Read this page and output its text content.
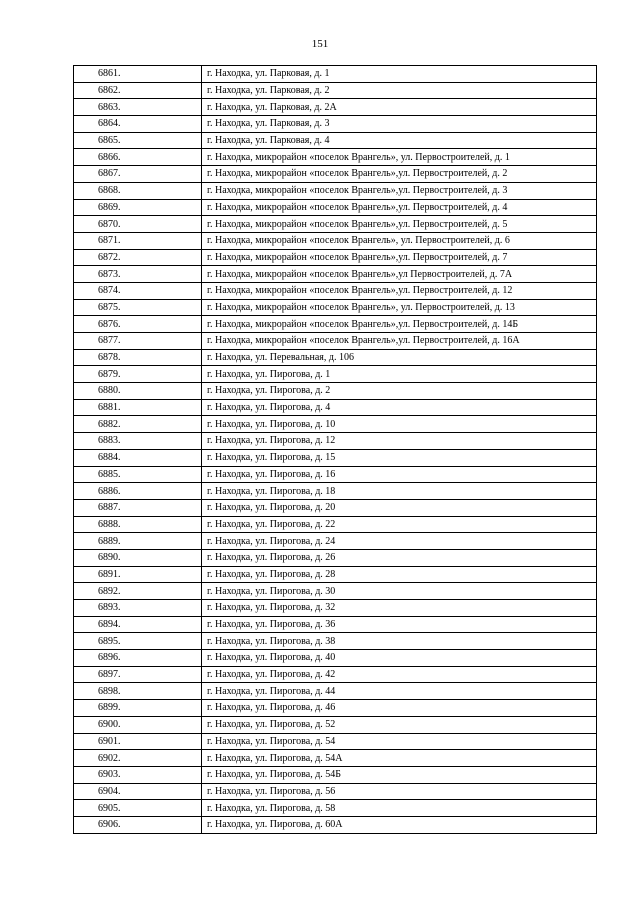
151
6861.	г. Находка, ул. Парковая, д. 1
6862.	г. Находка, ул. Парковая, д. 2
6863.	г. Находка, ул. Парковая, д. 2А
6864.	г. Находка, ул. Парковая, д. 3
6865.	г. Находка, ул. Парковая, д. 4
6866.	г. Находка, микрорайон «поселок Врангель», ул. Первостроителей, д. 1
6867.	г. Находка, микрорайон «поселок Врангель»,ул. Первостроителей, д. 2
6868.	г. Находка, микрорайон «поселок Врангель»,ул. Первостроителей, д. 3
6869.	г. Находка, микрорайон «поселок Врангель»,ул. Первостроителей, д. 4
6870.	г. Находка, микрорайон «поселок Врангель»,ул. Первостроителей, д. 5
6871.	г. Находка, микрорайон «поселок Врангель», ул. Первостроителей, д. 6
6872.	г. Находка, микрорайон «поселок Врангель»,ул. Первостроителей, д. 7
6873.	г. Находка, микрорайон «поселок Врангель»,ул Первостроителей, д. 7А
6874.	г. Находка, микрорайон «поселок Врангель»,ул. Первостроителей, д. 12
6875.	г. Находка, микрорайон «поселок Врангель», ул. Первостроителей, д. 13
6876.	г. Находка, микрорайон «поселок Врангель»,ул. Первостроителей, д. 14Б
6877.	г. Находка, микрорайон «поселок Врангель»,ул. Первостроителей, д. 16А
6878.	г. Находка, ул. Перевальная, д. 106
6879.	г. Находка, ул. Пирогова, д. 1
6880.	г. Находка, ул. Пирогова, д. 2
6881.	г. Находка, ул. Пирогова, д. 4
6882.	г. Находка, ул. Пирогова, д. 10
6883.	г. Находка, ул. Пирогова, д. 12
6884.	г. Находка, ул. Пирогова, д. 15
6885.	г. Находка, ул. Пирогова, д. 16
6886.	г. Находка, ул. Пирогова, д. 18
6887.	г. Находка, ул. Пирогова, д. 20
6888.	г. Находка, ул. Пирогова, д. 22
6889.	г. Находка, ул. Пирогова, д. 24
6890.	г. Находка, ул. Пирогова, д. 26
6891.	г. Находка, ул. Пирогова, д. 28
6892.	г. Находка, ул. Пирогова, д. 30
6893.	г. Находка, ул. Пирогова, д. 32
6894.	г. Находка, ул. Пирогова, д. 36
6895.	г. Находка, ул. Пирогова, д. 38
6896.	г. Находка, ул. Пирогова, д. 40
6897.	г. Находка, ул. Пирогова, д. 42
6898.	г. Находка, ул. Пирогова, д. 44
6899.	г. Находка, ул. Пирогова, д. 46
6900.	г. Находка, ул. Пирогова, д. 52
6901.	г. Находка, ул. Пирогова, д. 54
6902.	г. Находка, ул. Пирогова, д. 54А
6903.	г. Находка, ул. Пирогова, д. 54Б
6904.	г. Находка, ул. Пирогова, д. 56
6905.	г. Находка, ул. Пирогова, д. 58
6906.	г. Находка, ул. Пирогова, д. 60А
